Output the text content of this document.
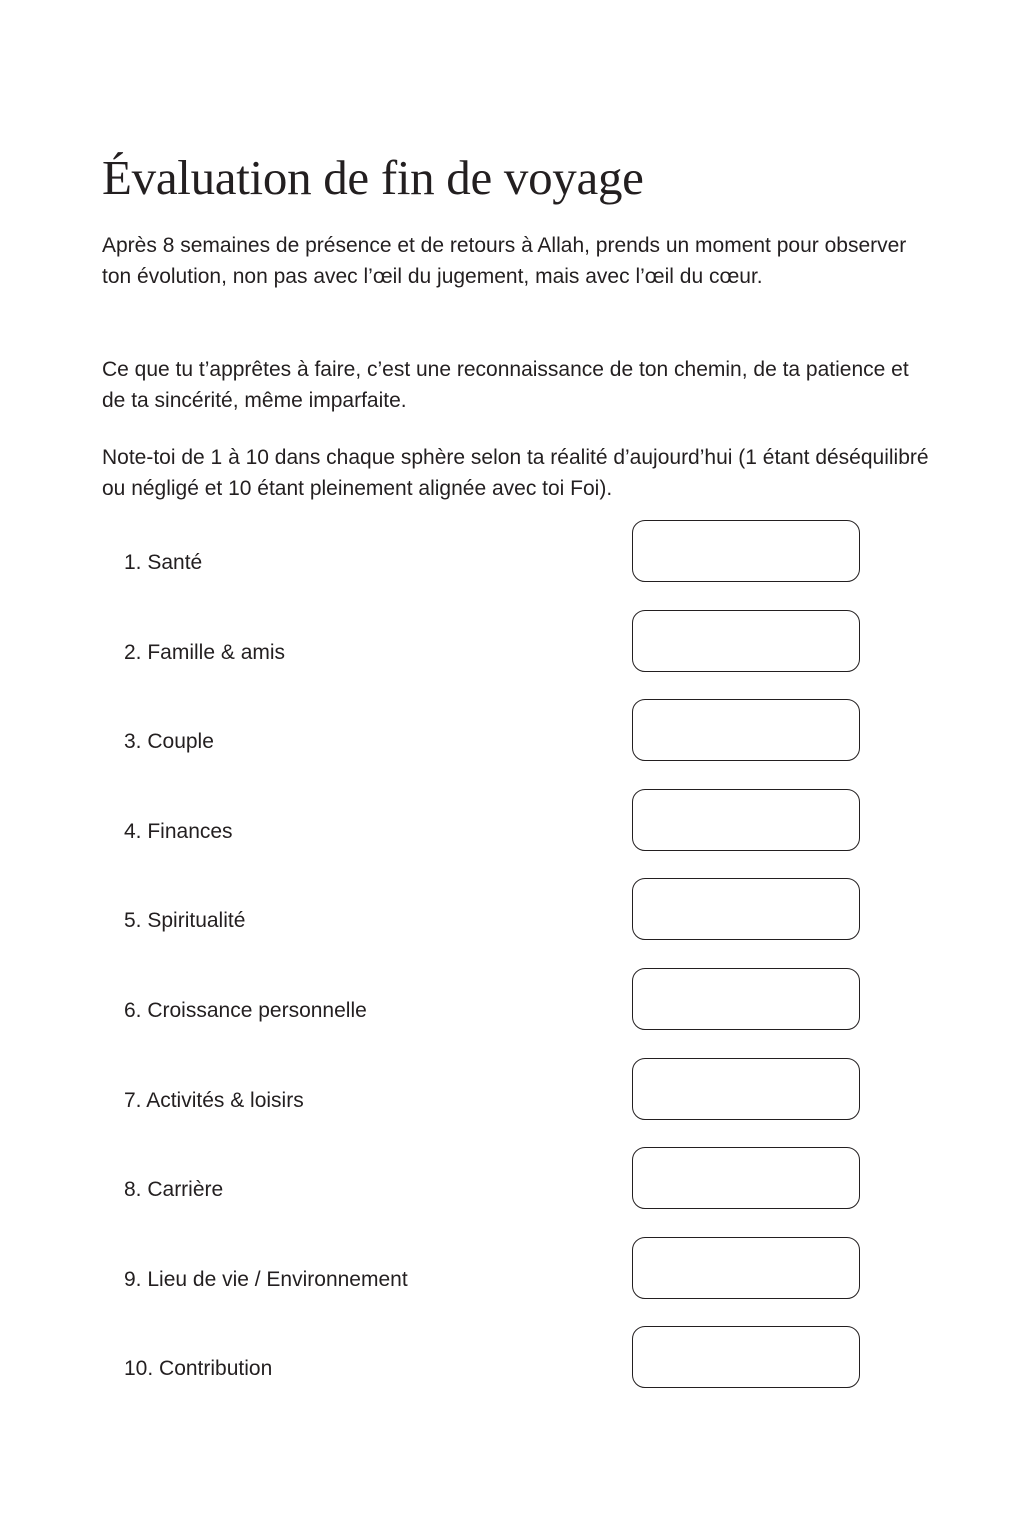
Évaluation de fin de voyage

Après 8 semaines de présence et de retours à Allah, prends un moment pour observer ton évolution, non pas avec l’œil du jugement, mais avec l’œil du cœur.

Ce que tu t’apprêtes à faire, c’est une reconnaissance de ton chemin, de ta patience et de ta sincérité, même imparfaite.

Note-toi de 1 à 10 dans chaque sphère selon ta réalité d’aujourd’hui (1 étant déséquilibré ou négligé et 10 étant pleinement alignée avec toi Foi).

1. Santé
2. Famille & amis
3. Couple
4. Finances
5. Spiritualité
6. Croissance personnelle
7. Activités & loisirs
8. Carrière
9. Lieu de vie / Environnement
10. Contribution
